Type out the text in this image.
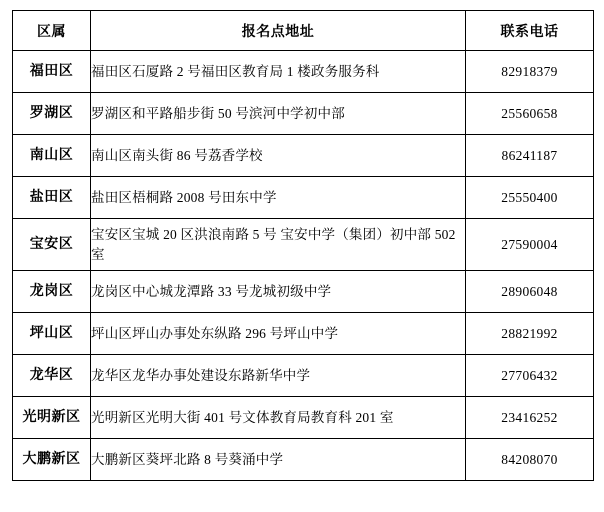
区属	报名点地址	联系电话
福田区	福田区石厦路 2 号福田区教育局 1 楼政务服务科	82918379
罗湖区	罗湖区和平路船步街 50 号滨河中学初中部	25560658
南山区	南山区南头街 86 号荔香学校	86241187
盐田区	盐田区梧桐路 2008 号田东中学	25550400
宝安区	宝安区宝城 20 区洪浪南路 5 号 宝安中学（集团）初中部 502 室	27590004
龙岗区	龙岗区中心城龙潭路 33 号龙城初级中学	28906048
坪山区	坪山区坪山办事处东纵路 296 号坪山中学	28821992
龙华区	龙华区龙华办事处建设东路新华中学	27706432
光明新区	光明新区光明大街 401 号文体教育局教育科 201 室	23416252
大鹏新区	大鹏新区葵坪北路 8 号葵涌中学	84208070
